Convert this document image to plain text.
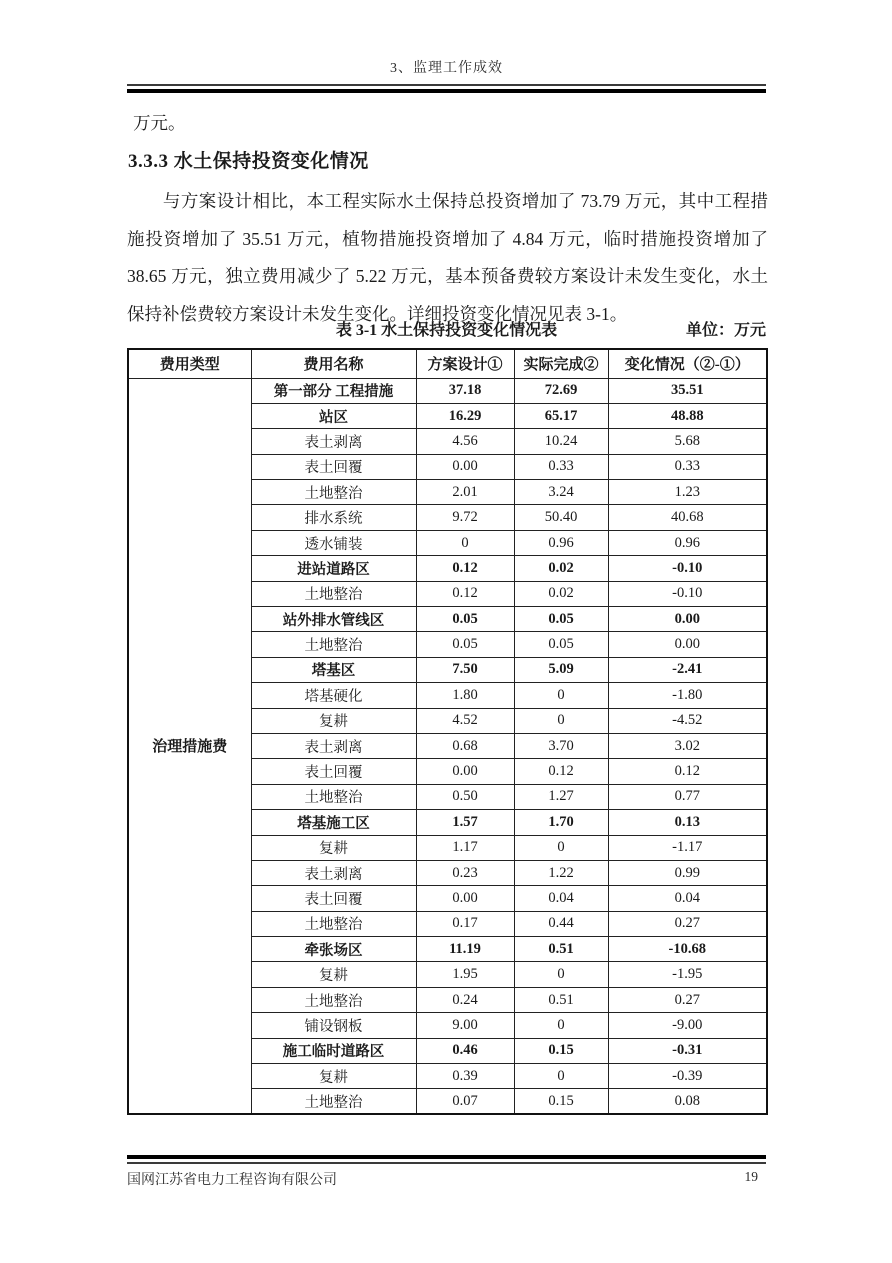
3、监理工作成效
万元。
3.3.3 水土保持投资变化情况
与方案设计相比，本工程实际水土保持总投资增加了 73.79 万元，其中工程措施投资增加了 35.51 万元，植物措施投资增加了 4.84 万元，临时措施投资增加了 38.65 万元，独立费用减少了 5.22 万元，基本预备费较方案设计未发生变化，水土保持补偿费较方案设计未发生变化。详细投资变化情况见表 3-1。
表 3-1 水土保持投资变化情况表	单位：万元
费用类型	费用名称	方案设计①	实际完成②	变化情况（②-①）
治理措施费	第一部分 工程措施	37.18	72.69	35.51
	站区	16.29	65.17	48.88
	表土剥离	4.56	10.24	5.68
	表土回覆	0.00	0.33	0.33
	土地整治	2.01	3.24	1.23
	排水系统	9.72	50.40	40.68
	透水铺装	0	0.96	0.96
	进站道路区	0.12	0.02	-0.10
	土地整治	0.12	0.02	-0.10
	站外排水管线区	0.05	0.05	0.00
	土地整治	0.05	0.05	0.00
	塔基区	7.50	5.09	-2.41
	塔基硬化	1.80	0	-1.80
	复耕	4.52	0	-4.52
	表土剥离	0.68	3.70	3.02
	表土回覆	0.00	0.12	0.12
	土地整治	0.50	1.27	0.77
	塔基施工区	1.57	1.70	0.13
	复耕	1.17	0	-1.17
	表土剥离	0.23	1.22	0.99
	表土回覆	0.00	0.04	0.04
	土地整治	0.17	0.44	0.27
	牵张场区	11.19	0.51	-10.68
	复耕	1.95	0	-1.95
	土地整治	0.24	0.51	0.27
	铺设钢板	9.00	0	-9.00
	施工临时道路区	0.46	0.15	-0.31
	复耕	0.39	0	-0.39
	土地整治	0.07	0.15	0.08
国网江苏省电力工程咨询有限公司	19
